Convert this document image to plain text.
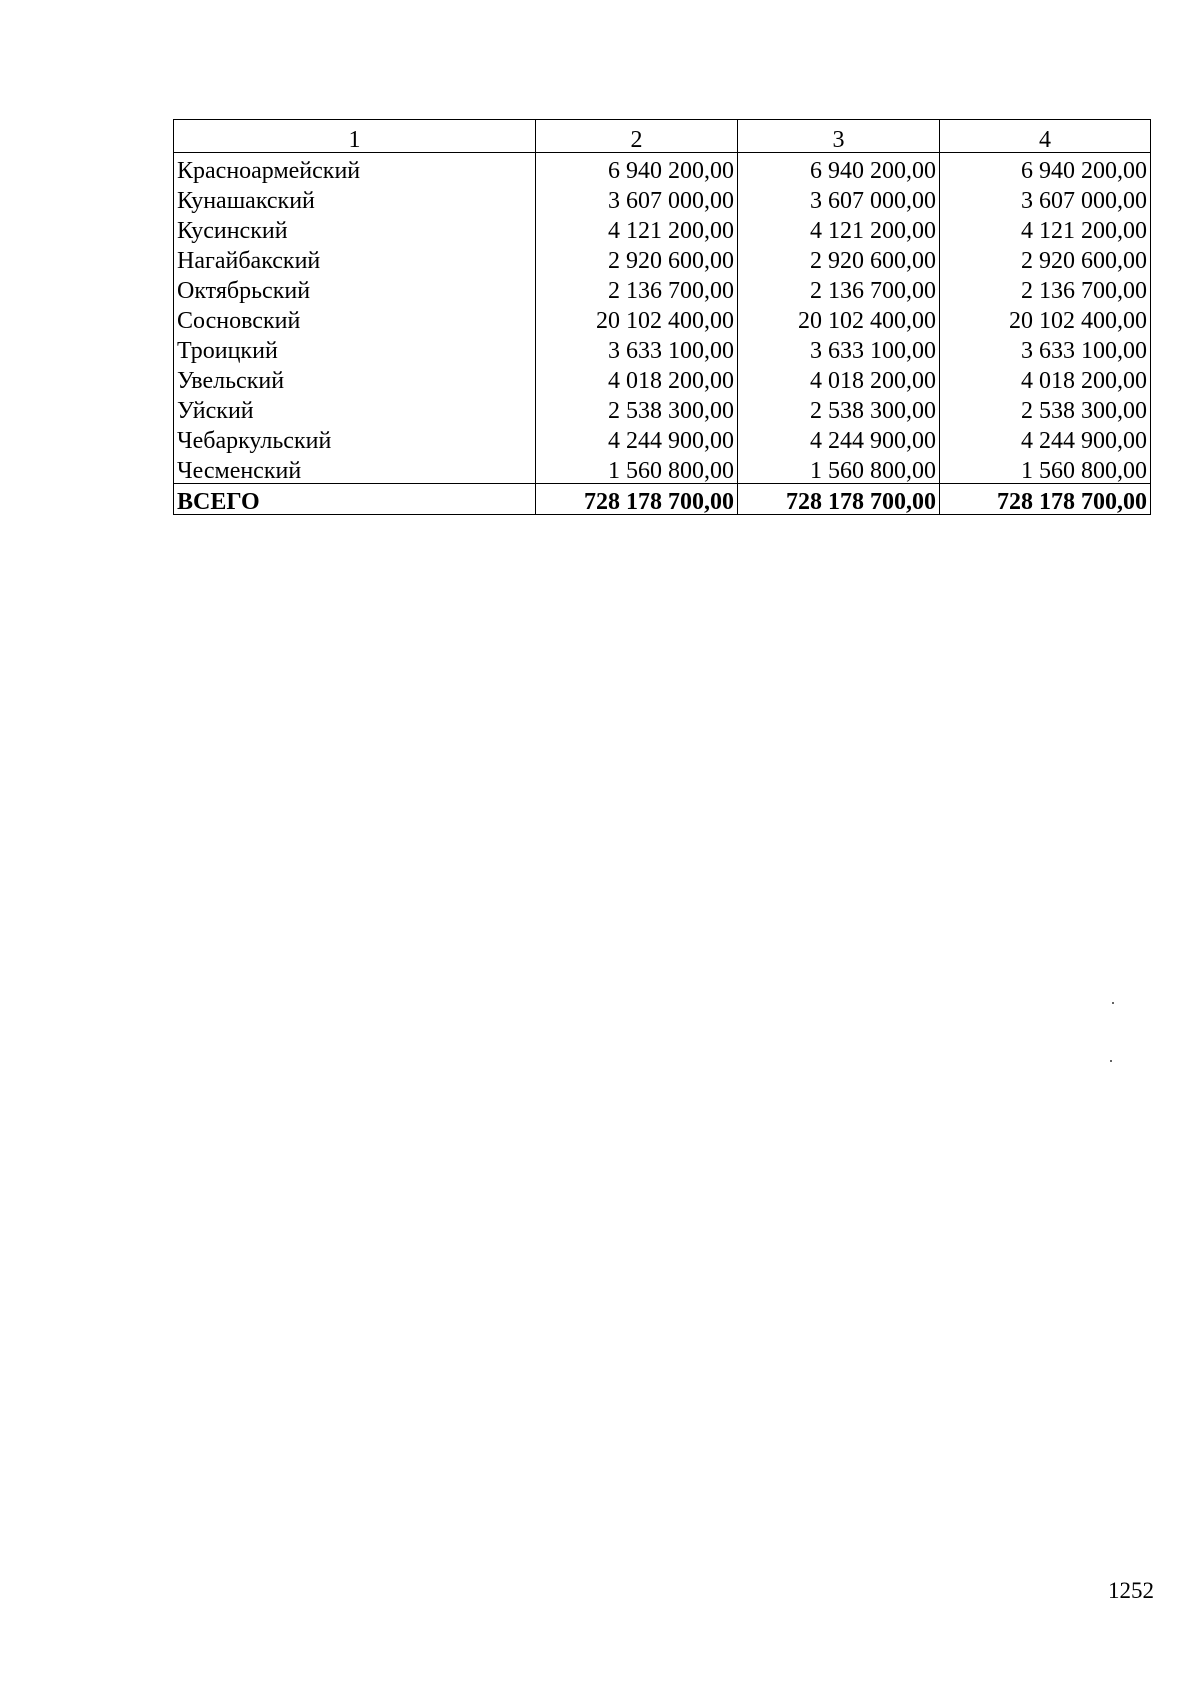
1	2	3	4
Красноармейский	6 940 200,00	6 940 200,00	6 940 200,00
Кунашакский	3 607 000,00	3 607 000,00	3 607 000,00
Кусинский	4 121 200,00	4 121 200,00	4 121 200,00
Нагайбакский	2 920 600,00	2 920 600,00	2 920 600,00
Октябрьский	2 136 700,00	2 136 700,00	2 136 700,00
Сосновский	20 102 400,00	20 102 400,00	20 102 400,00
Троицкий	3 633 100,00	3 633 100,00	3 633 100,00
Увельский	4 018 200,00	4 018 200,00	4 018 200,00
Уйский	2 538 300,00	2 538 300,00	2 538 300,00
Чебаркульский	4 244 900,00	4 244 900,00	4 244 900,00
Чесменский	1 560 800,00	1 560 800,00	1 560 800,00
ВСЕГО	728 178 700,00	728 178 700,00	728 178 700,00
1252
